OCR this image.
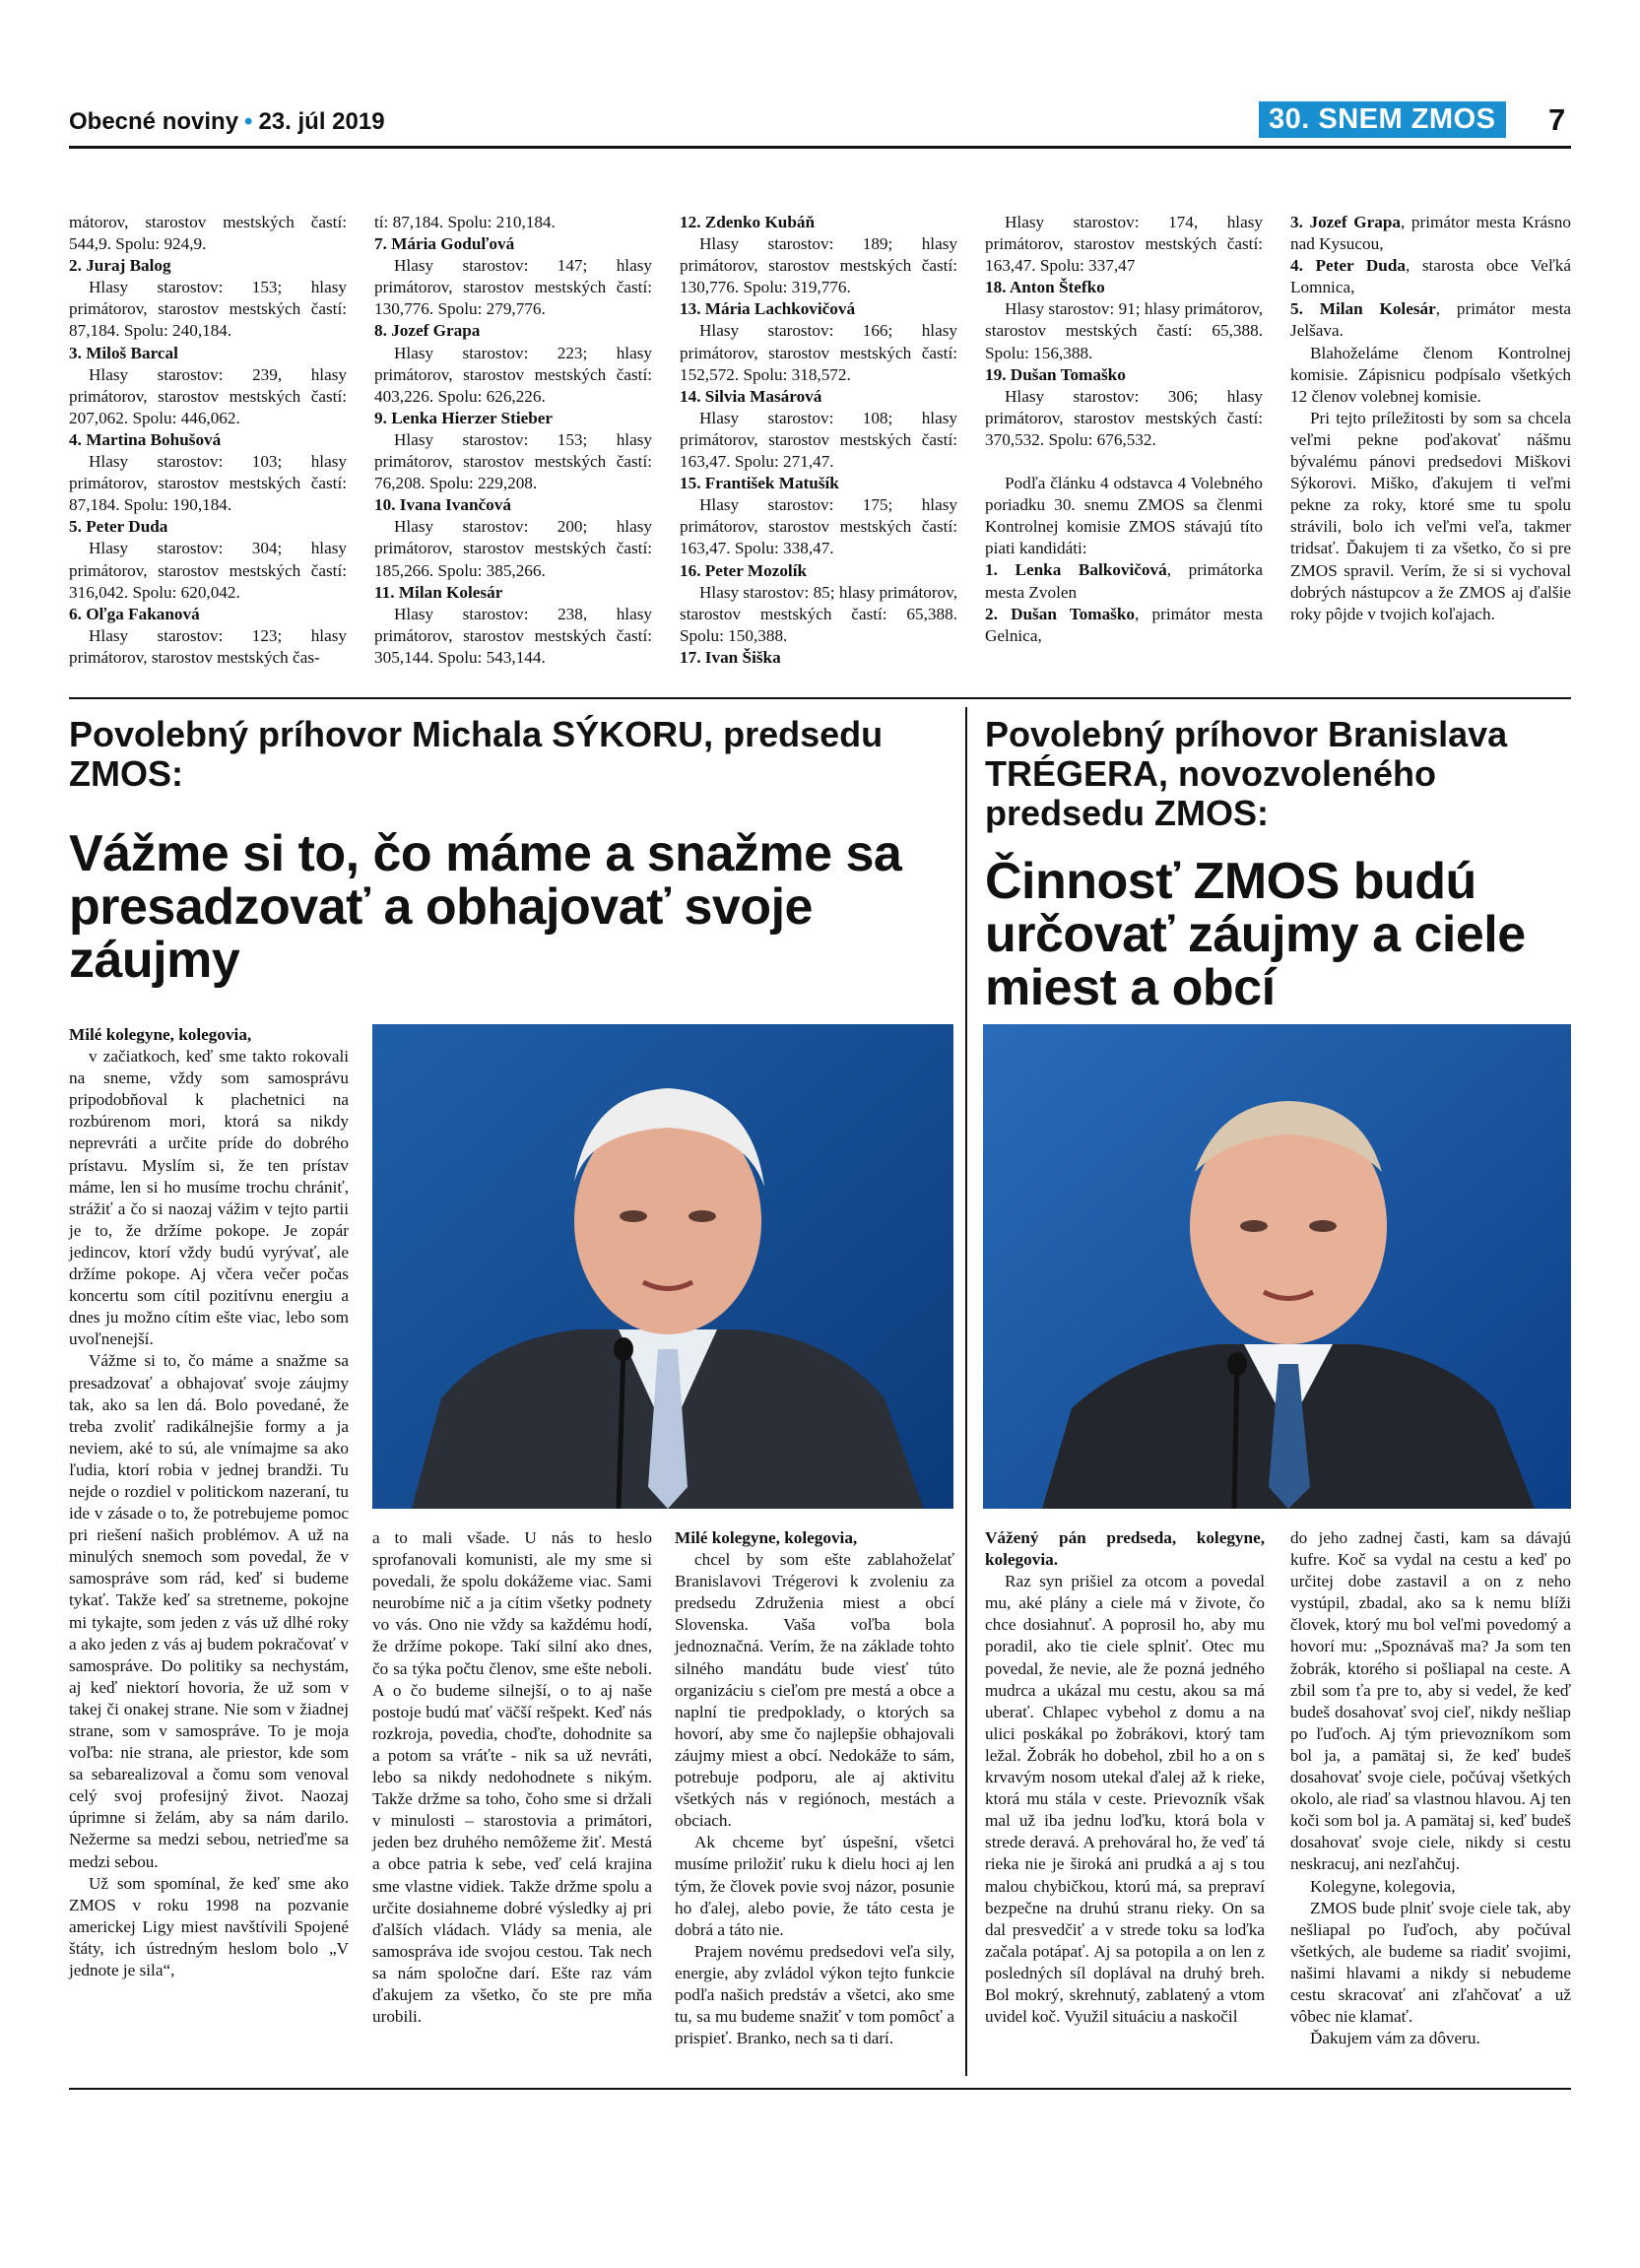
Obecné noviny • 23. júl 2019	30. SNEM ZMOS	7

mátorov, starostov mestských častí: 544,9. Spolu: 924,9.

2. Juraj Balog

Hlasy starostov: 153; hlasy primátorov, starostov mestských častí: 87,184. Spolu: 240,184.

3. Miloš Barcal

Hlasy starostov: 239, hlasy primátorov, starostov mestských častí: 207,062. Spolu: 446,062.

4. Martina Bohušová

Hlasy starostov: 103; hlasy primátorov, starostov mestských častí: 87,184. Spolu: 190,184.

5. Peter Duda

Hlasy starostov: 304; hlasy primátorov, starostov mestských častí: 316,042. Spolu: 620,042.

6. Oľga Fakanová

Hlasy starostov: 123; hlasy primátorov, starostov mestských čas-

tí: 87,184. Spolu: 210,184.

7. Mária Goduľová

Hlasy starostov: 147; hlasy primátorov, starostov mestských častí: 130,776. Spolu: 279,776.

8. Jozef Grapa

Hlasy starostov: 223; hlasy primátorov, starostov mestských častí: 403,226. Spolu: 626,226.

9. Lenka Hierzer Stieber

Hlasy starostov: 153; hlasy primátorov, starostov mestských častí: 76,208. Spolu: 229,208.

10. Ivana Ivančová

Hlasy starostov: 200; hlasy primátorov, starostov mestských častí: 185,266. Spolu: 385,266.

11. Milan Kolesár

Hlasy starostov: 238, hlasy primátorov, starostov mestských častí: 305,144. Spolu: 543,144.

12. Zdenko Kubáň

Hlasy starostov: 189; hlasy primátorov, starostov mestských častí: 130,776. Spolu: 319,776.

13. Mária Lachkovičová

Hlasy starostov: 166; hlasy primátorov, starostov mestských častí: 152,572. Spolu: 318,572.

14. Silvia Masárová

Hlasy starostov: 108; hlasy primátorov, starostov mestských častí: 163,47. Spolu: 271,47.

15. František Matušík

Hlasy starostov: 175; hlasy primátorov, starostov mestských častí: 163,47. Spolu: 338,47.

16. Peter Mozolík

Hlasy starostov: 85; hlasy primátorov, starostov mestských častí: 65,388. Spolu: 150,388.

17. Ivan Šiška

Hlasy starostov: 174, hlasy primátorov, starostov mestských častí: 163,47. Spolu: 337,47

18. Anton Štefko

Hlasy starostov: 91; hlasy primátorov, starostov mestských častí: 65,388. Spolu: 156,388.

19. Dušan Tomaško

Hlasy starostov: 306; hlasy primátorov, starostov mestských častí: 370,532. Spolu: 676,532.

Podľa článku 4 odstavca 4 Volebného poriadku 30. snemu ZMOS sa členmi Kontrolnej komisie ZMOS stávajú títo piati kandidáti:

1. Lenka Balkovičová, primátorka mesta Zvolen

2. Dušan Tomaško, primátor mesta Gelnica,

3. Jozef Grapa, primátor mesta Krásno nad Kysucou,

4. Peter Duda, starosta obce Veľká Lomnica,

5. Milan Kolesár, primátor mesta Jelšava.

Blahoželáme členom Kontrolnej komisie. Zápisnicu podpísalo všetkých 12 členov volebnej komisie.

Pri tejto príležitosti by som sa chcela veľmi pekne poďakovať nášmu bývalému pánovi predsedovi Miškovi Sýkorovi. Miško, ďakujem ti veľmi pekne za roky, ktoré sme tu spolu strávili, bolo ich veľmi veľa, takmer tridsať. Ďakujem ti za všetko, čo si pre ZMOS spravil. Verím, že si si vychoval dobrých nástupcov a že ZMOS aj ďalšie roky pôjde v tvojich koľajach.

Povolebný príhovor Michala SÝKORU, predsedu ZMOS:
Vážme si to, čo máme a snažme sa presadzovať a obhajovať svoje záujmy

Milé kolegyne, kolegovia,

v začiatkoch, keď sme takto rokovali na sneme, vždy som samosprávu pripodobňoval k plachetnici na rozbúrenom mori, ktorá sa nikdy neprevráti a určite príde do dobrého prístavu. Myslím si, že ten prístav máme, len si ho musíme trochu chrániť, strážiť a čo si naozaj vážim v tejto partii je to, že držíme pokope. Je zopár jedincov, ktorí vždy budú vyrývať, ale držíme pokope. Aj včera večer počas koncertu som cítil pozitívnu energiu a dnes ju možno cítim ešte viac, lebo som uvoľnenejší.

Vážme si to, čo máme a snažme sa presadzovať a obhajovať svoje záujmy tak, ako sa len dá. Bolo povedané, že treba zvoliť radikálnejšie formy a ja neviem, aké to sú, ale vnímajme sa ako ľudia, ktorí robia v jednej brandži. Tu nejde o rozdiel v politickom nazeraní, tu ide v zásade o to, že potrebujeme pomoc pri riešení našich problémov. A už na minulých snemoch som povedal, že v samospráve som rád, keď si budeme tykať. Takže keď sa stretneme, pokojne mi tykajte, som jeden z vás už dlhé roky a ako jeden z vás aj budem pokračovať v samospráve. Do politiky sa nechystám, aj keď niektorí hovoria, že už som v takej či onakej strane. Nie som v žiadnej strane, som v samospráve. To je moja voľba: nie strana, ale priestor, kde som sa sebarealizoval a čomu som venoval celý svoj profesijný život. Naozaj úprimne si želám, aby sa nám darilo. Nežerme sa medzi sebou, netrieďme sa medzi sebou.

Už som spomínal, že keď sme ako ZMOS v roku 1998 na pozvanie americkej Ligy miest navštívili Spojené štáty, ich ústredným heslom bolo „V jednote je sila“,

a to mali všade. U nás to heslo sprofanovali komunisti, ale my sme si povedali, že spolu dokážeme viac. Sami neurobíme nič a ja cítim všetky podnety vo vás. Ono nie vždy sa každému hodí, že držíme pokope. Takí silní ako dnes, čo sa týka počtu členov, sme ešte neboli. A o čo budeme silnejší, o to aj naše postoje budú mať väčší rešpekt. Keď nás rozkroja, povedia, choďte, dohodnite sa a potom sa vráťte - nik sa už nevráti, lebo sa nikdy nedohodnete s nikým. Takže držme sa toho, čoho sme si držali v minulosti – starostovia a primátori, jeden bez druhého nemôžeme žiť. Mestá a obce patria k sebe, veď celá krajina sme vlastne vidiek. Takže držme spolu a určite dosiahneme dobré výsledky aj pri ďalších vládach. Vlády sa menia, ale samospráva ide svojou cestou. Tak nech sa nám spoločne darí. Ešte raz vám ďakujem za všetko, čo ste pre mňa urobili.

Milé kolegyne, kolegovia,

chcel by som ešte zablahoželať Branislavovi Trégerovi k zvoleniu za predsedu Združenia miest a obcí Slovenska. Vaša voľba bola jednoznačná. Verím, že na základe tohto silného mandátu bude viesť túto organizáciu s cieľom pre mestá a obce a naplní tie predpoklady, o ktorých sa hovorí, aby sme čo najlepšie obhajovali záujmy miest a obcí. Nedokáže to sám, potrebuje podporu, ale aj aktivitu všetkých nás v regiónoch, mestách a obciach.

Ak chceme byť úspešní, všetci musíme priložiť ruku k dielu hoci aj len tým, že človek povie svoj názor, posunie ho ďalej, alebo povie, že táto cesta je dobrá a táto nie.

Prajem novému predsedovi veľa sily, energie, aby zvládol výkon tejto funkcie podľa našich predstáv a všetci, ako sme tu, sa mu budeme snažiť v tom pomôcť a prispieť. Branko, nech sa ti darí.

Povolebný príhovor Branislava TRÉGERA, novozvoleného predsedu ZMOS:
Činnosť ZMOS budú určovať záujmy a ciele miest a obcí

Vážený pán predseda, kolegyne, kolegovia.

Raz syn prišiel za otcom a povedal mu, aké plány a ciele má v živote, čo chce dosiahnuť. A poprosil ho, aby mu poradil, ako tie ciele splniť. Otec mu povedal, že nevie, ale že pozná jedného mudrca a ukázal mu cestu, akou sa má uberať. Chlapec vybehol z domu a na ulici poskákal po žobrákovi, ktorý tam ležal. Žobrák ho dobehol, zbil ho a on s krvavým nosom utekal ďalej až k rieke, ktorá mu stála v ceste. Prievozník však mal už iba jednu loďku, ktorá bola v strede deravá. A prehováral ho, že veď tá rieka nie je široká ani prudká a aj s tou malou chybičkou, ktorú má, sa prepraví bezpečne na druhú stranu rieky. On sa dal presvedčiť a v strede toku sa loďka začala potápať. Aj sa potopila a on len z posledných síl doplával na druhý breh. Bol mokrý, skrehnutý, zablatený a vtom uvidel koč. Využil situáciu a naskočil

do jeho zadnej časti, kam sa dávajú kufre. Koč sa vydal na cestu a keď po určitej dobe zastavil a on z neho vystúpil, zbadal, ako sa k nemu blíži človek, ktorý mu bol veľmi povedomý a hovorí mu: „Spoznávaš ma? Ja som ten žobrák, ktorého si pošliapal na ceste. A zbil som ťa pre to, aby si vedel, že keď budeš dosahovať svoj cieľ, nikdy nešliap po ľuďoch. Aj tým prievozníkom som bol ja, a pamätaj si, že keď budeš dosahovať svoje ciele, počúvaj všetkých okolo, ale riaď sa vlastnou hlavou. Aj ten koči som bol ja. A pamätaj si, keď budeš dosahovať svoje ciele, nikdy si cestu neskracuj, ani nezľahčuj.

Kolegyne, kolegovia,

ZMOS bude plniť svoje ciele tak, aby nešliapal po ľuďoch, aby počúval všetkých, ale budeme sa riadiť svojimi, našimi hlavami a nikdy si nebudeme cestu skracovať ani zľahčovať a už vôbec nie klamať.

Ďakujem vám za dôveru.
